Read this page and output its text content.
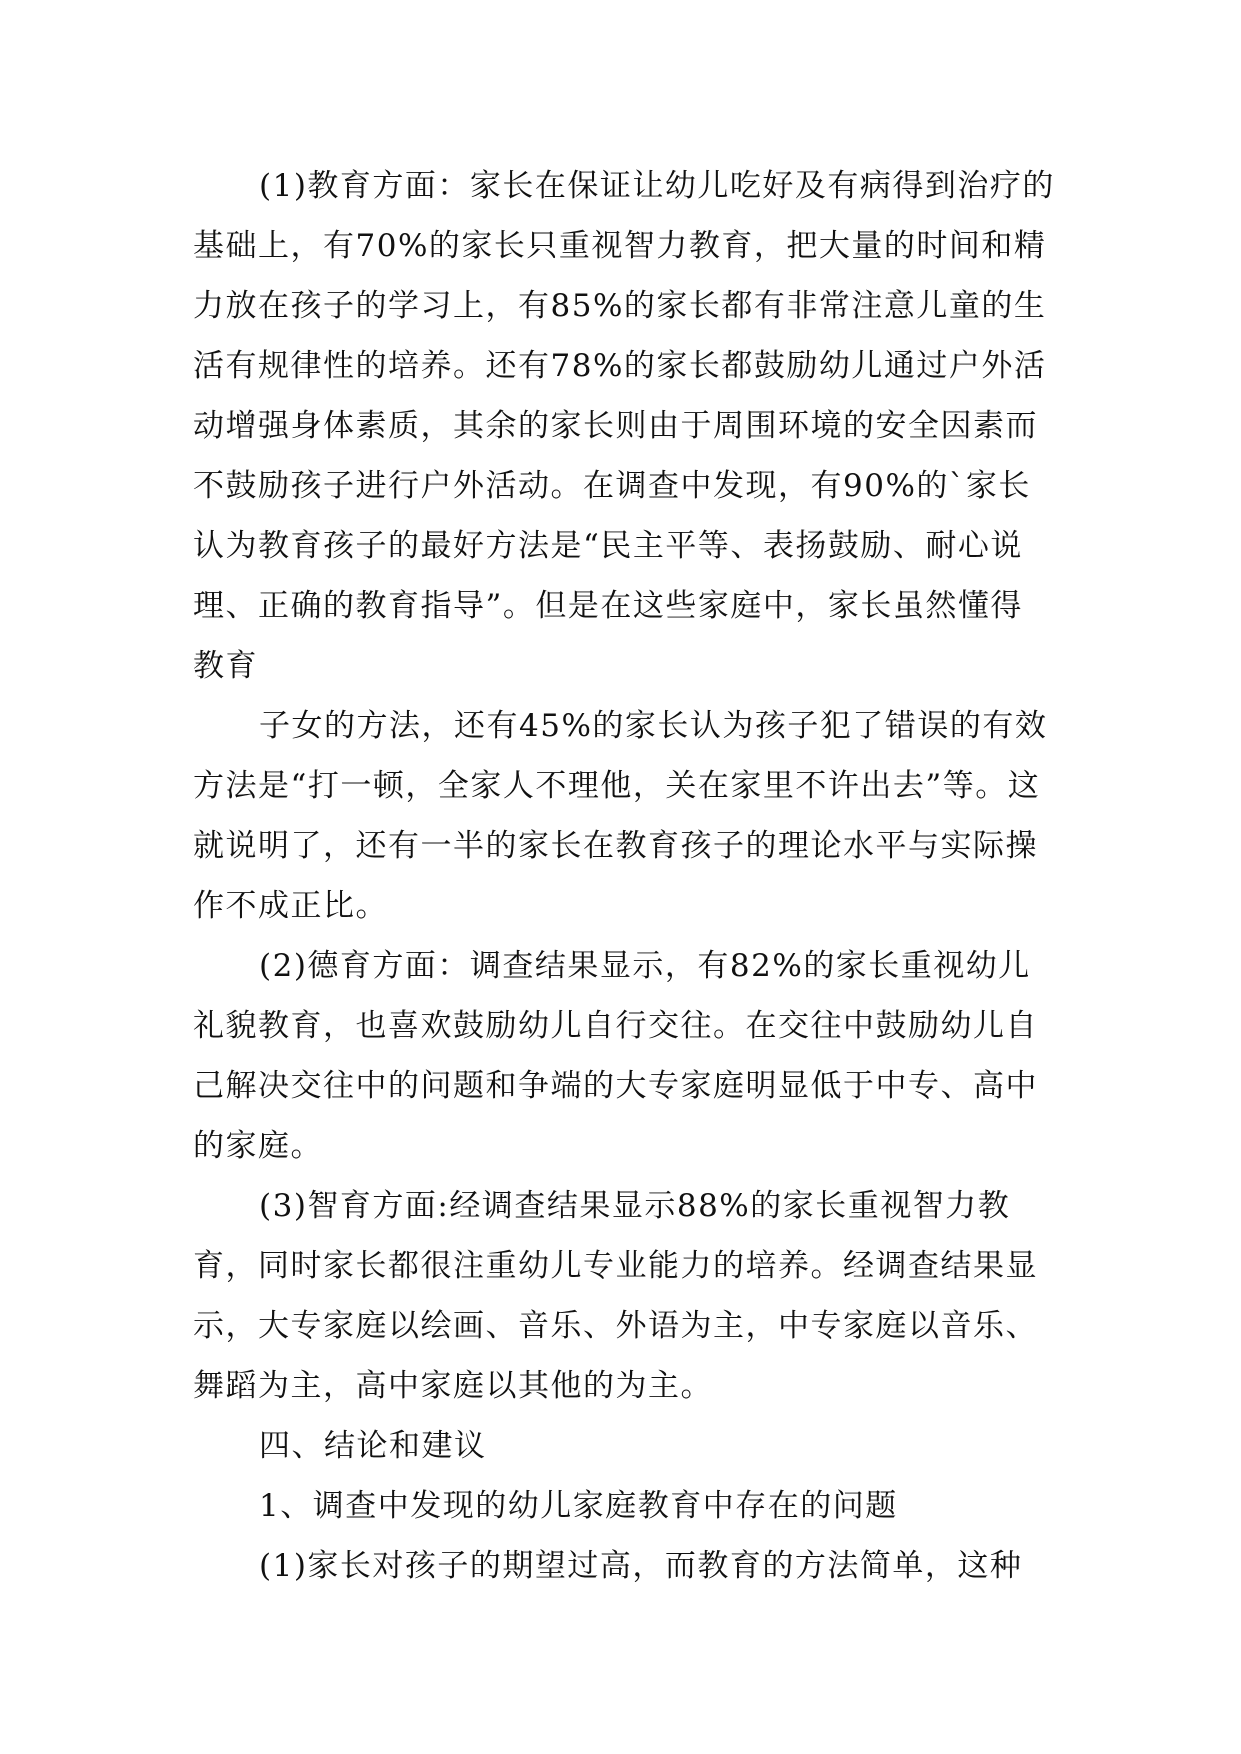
(1)教育方面：家长在保证让幼儿吃好及有病得到治疗的基础上，有70%的家长只重视智力教育，把大量的时间和精力放在孩子的学习上，有85%的家长都有非常注意儿童的生活有规律性的培养。还有78%的家长都鼓励幼儿通过户外活动增强身体素质，其余的家长则由于周围环境的安全因素而不鼓励孩子进行户外活动。在调查中发现，有90%的`家长认为教育孩子的最好方法是“民主平等、表扬鼓励、耐心说理、正确的教育指导”。但是在这些家庭中，家长虽然懂得

教育

子女的方法，还有45%的家长认为孩子犯了错误的有效方法是“打一顿，全家人不理他，关在家里不许出去”等。这就说明了，还有一半的家长在教育孩子的理论水平与实际操作不成正比。

(2)德育方面：调查结果显示，有82%的家长重视幼儿礼貌教育，也喜欢鼓励幼儿自行交往。在交往中鼓励幼儿自己解决交往中的问题和争端的大专家庭明显低于中专、高中的家庭。

(3)智育方面:经调查结果显示88%的家长重视智力教育，同时家长都很注重幼儿专业能力的培养。经调查结果显示，大专家庭以绘画、音乐、外语为主，中专家庭以音乐、舞蹈为主，高中家庭以其他的为主。

四、结论和建议

1、调查中发现的幼儿家庭教育中存在的问题

(1)家长对孩子的期望过高，而教育的方法简单，这种
